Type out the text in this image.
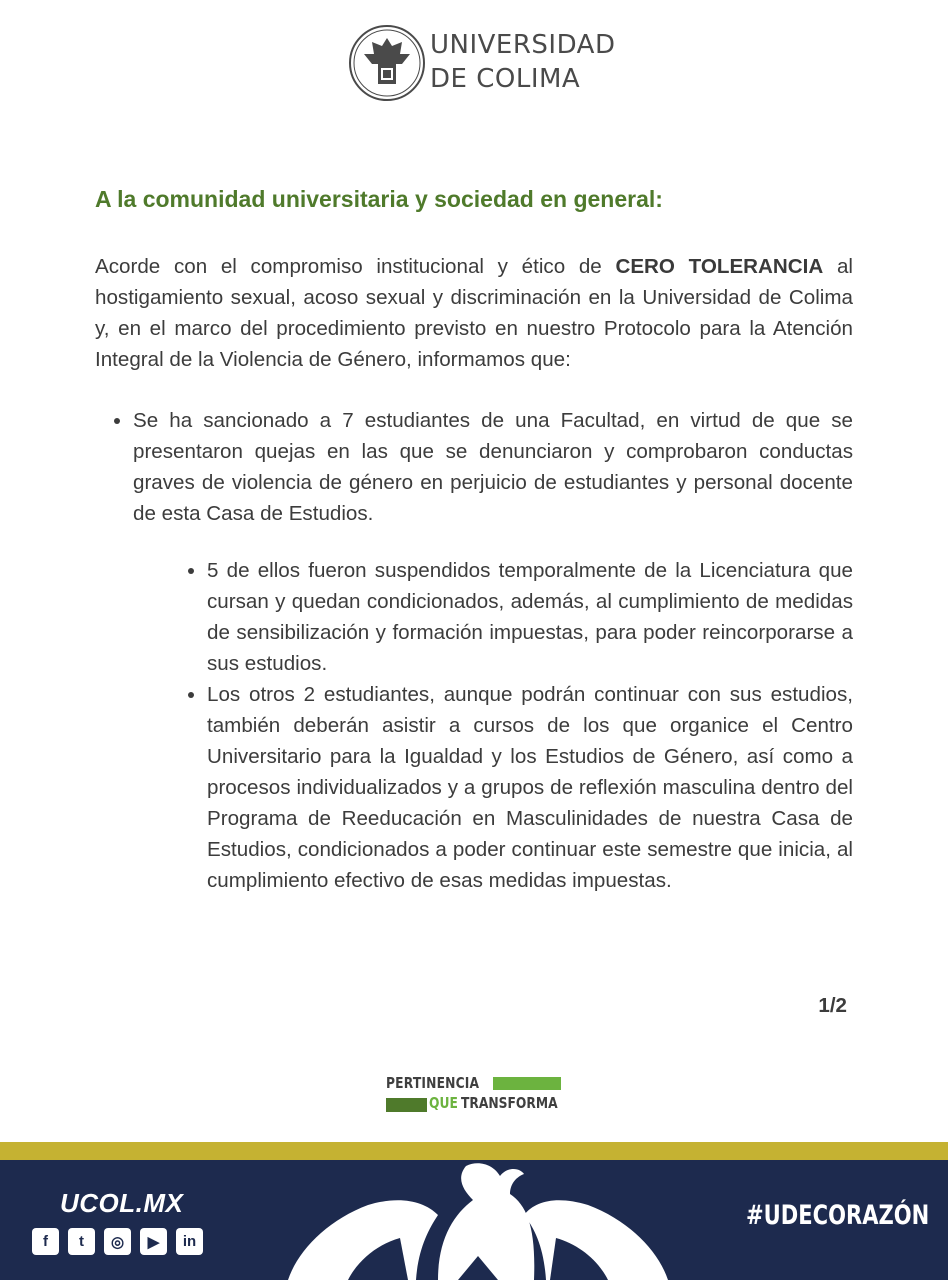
UNIVERSIDAD
DE COLIMA
A la comunidad universitaria y sociedad en general:

Acorde con el compromiso institucional y ético de CERO TOLERANCIA al hostigamiento sexual, acoso sexual y discriminación en la Universidad de Colima y, en el marco del procedimiento previsto en nuestro Protocolo para la Atención Integral de la Violencia de Género, informamos que:

Se ha sancionado a 7 estudiantes de una Facultad, en virtud de que se presentaron quejas en las que se denunciaron y comprobaron conductas graves de violencia de género en perjuicio de estudiantes y personal docente de esta Casa de Estudios.
5 de ellos fueron suspendidos temporalmente de la Licenciatura que cursan y quedan condicionados, además, al cumplimiento de medidas de sensibilización y formación impuestas, para poder reincorporarse a sus estudios.
Los otros 2 estudiantes, aunque podrán continuar con sus estudios, también deberán asistir a cursos de los que organice el Centro Universitario para la Igualdad y los Estudios de Género, así como a procesos individualizados y a grupos de reflexión masculina dentro del Programa de Reeducación en Masculinidades de nuestra Casa de Estudios, condicionados a poder continuar este semestre que inicia, al cumplimiento efectivo de esas medidas impuestas.
1/2
PERTINENCIA
QUE TRANSFORMA
UCOL.MX
f	t	◎	▶	in
#UDECORAZÓN
